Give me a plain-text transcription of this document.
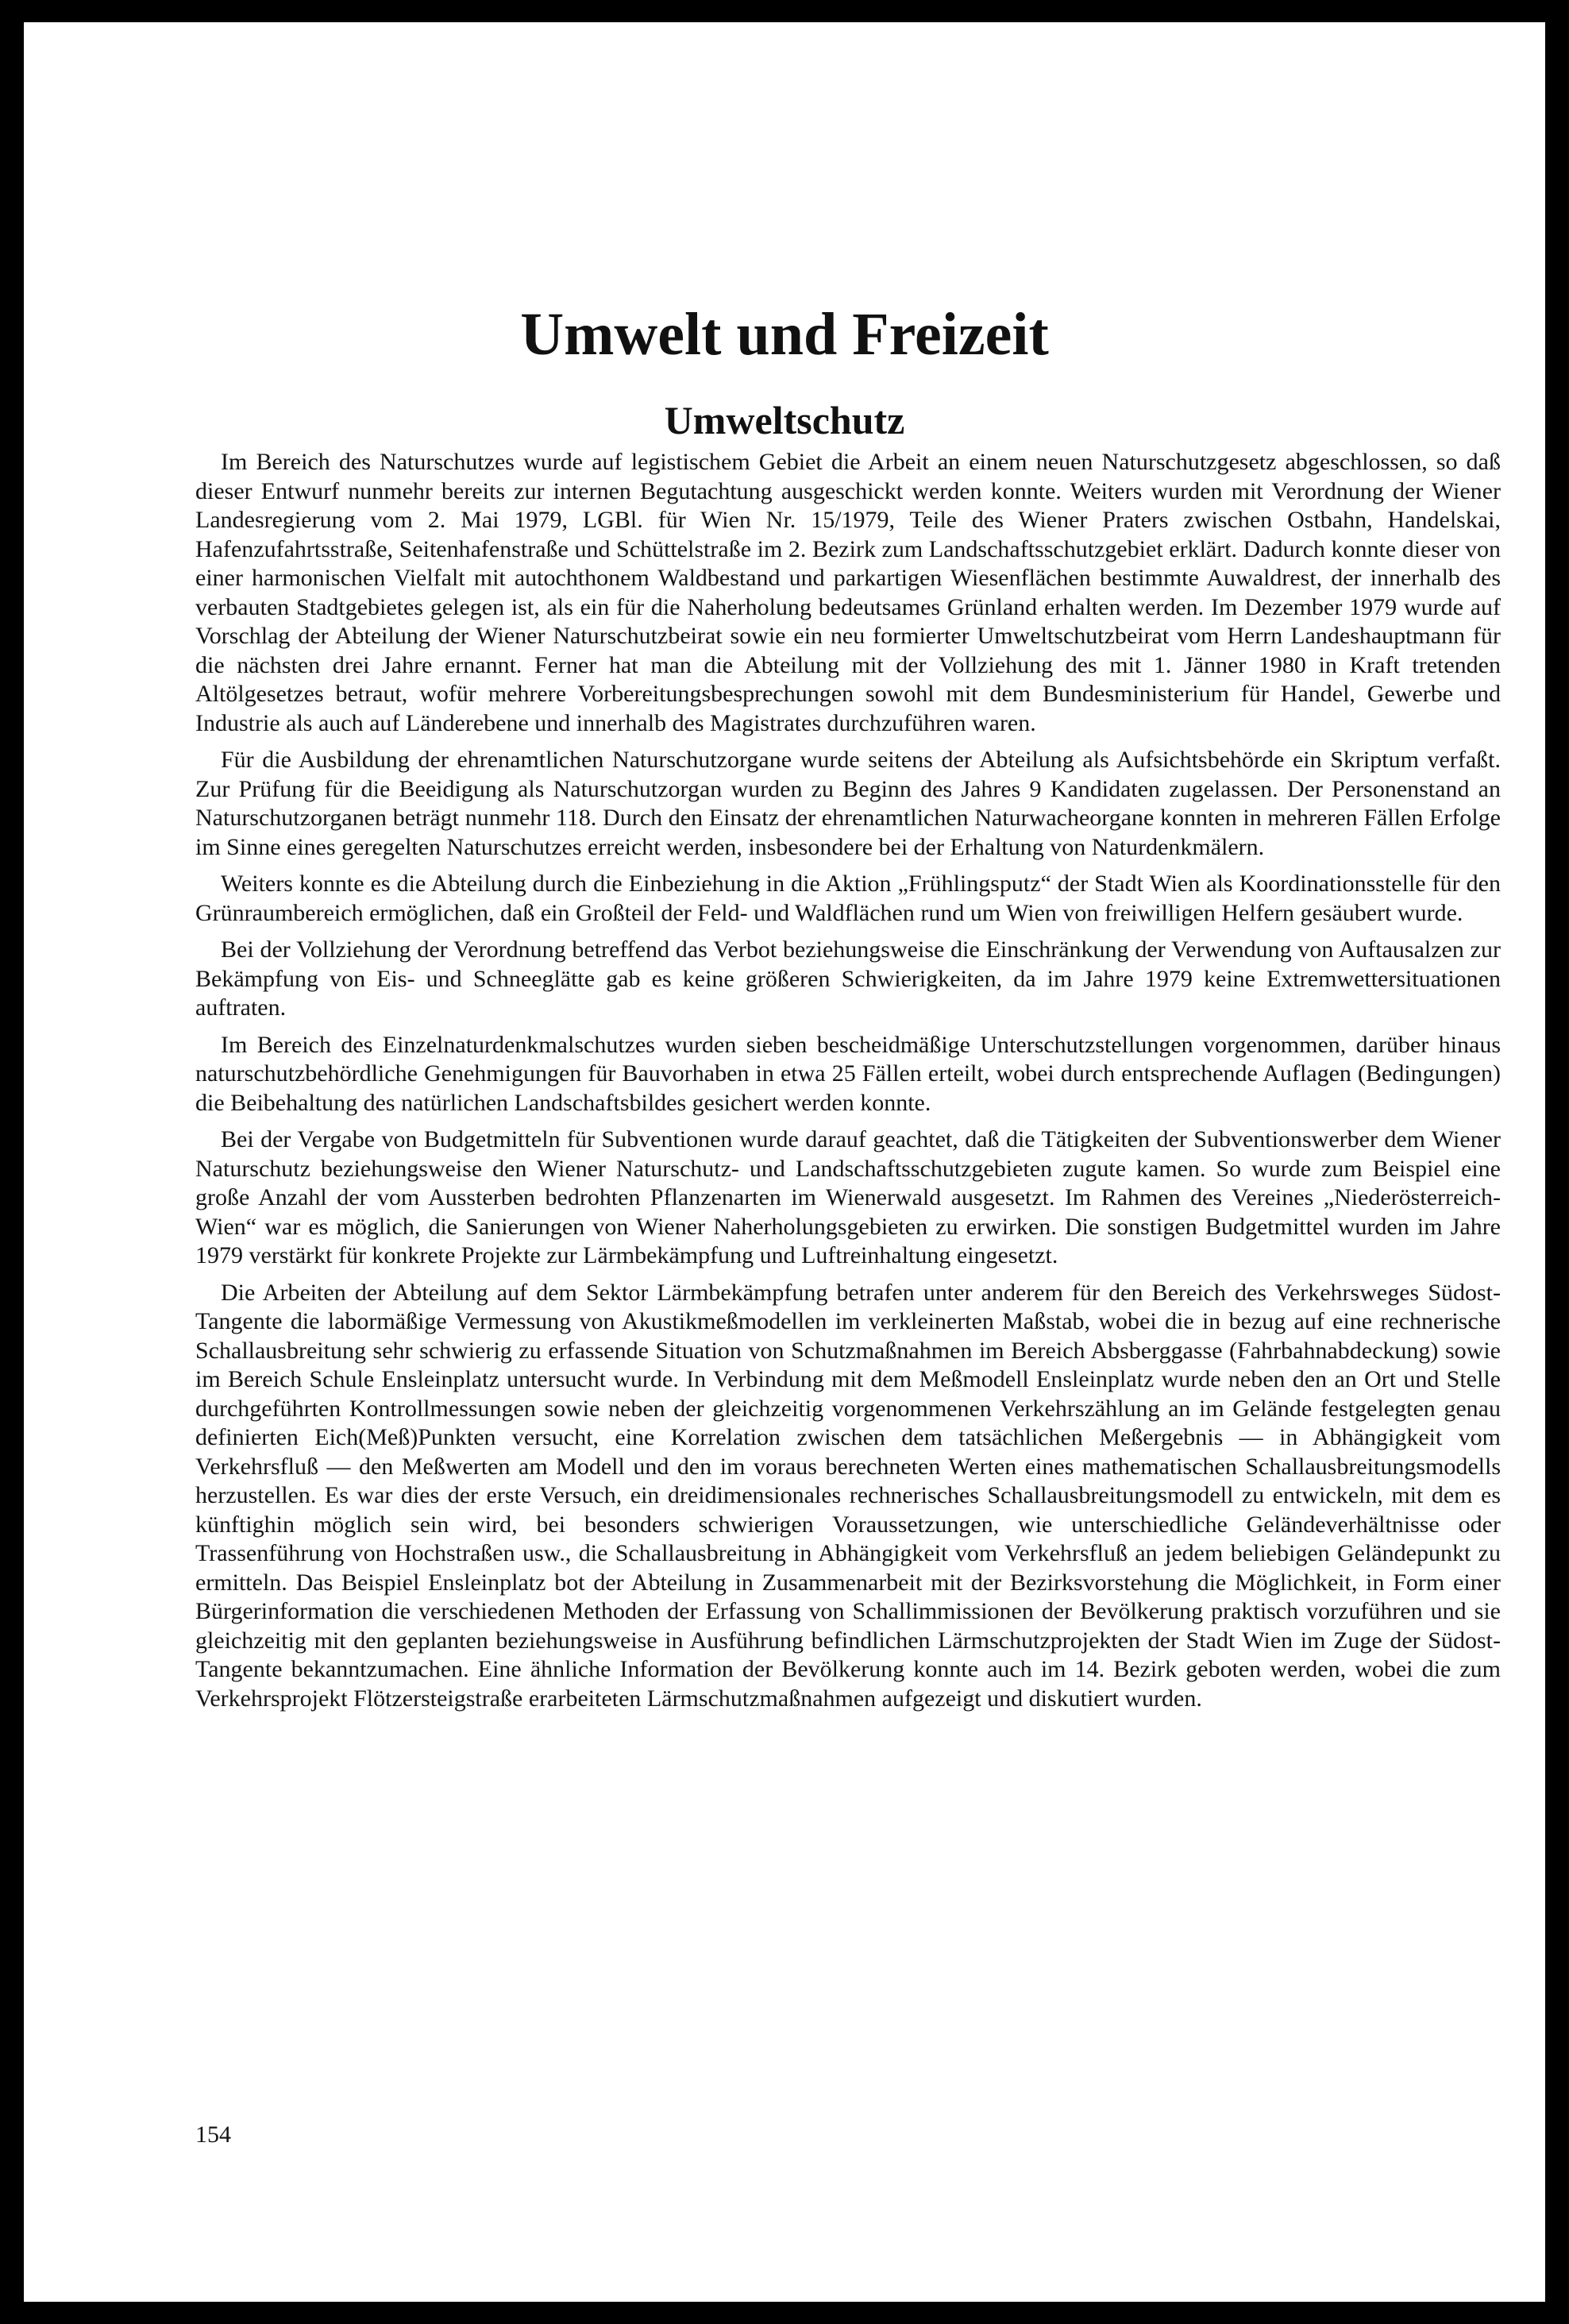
Umwelt und Freizeit
Umweltschutz

Im Bereich des Naturschutzes wurde auf legistischem Gebiet die Arbeit an einem neuen Naturschutzgesetz abgeschlossen, so daß dieser Entwurf nunmehr bereits zur internen Begutachtung ausgeschickt werden konnte. Weiters wurden mit Verordnung der Wiener Landesregierung vom 2. Mai 1979, LGBl. für Wien Nr. 15/1979, Teile des Wiener Praters zwischen Ostbahn, Handelskai, Hafenzufahrtsstraße, Seitenhafenstraße und Schüttelstraße im 2. Bezirk zum Landschaftsschutzgebiet erklärt. Dadurch konnte dieser von einer harmonischen Vielfalt mit autochthonem Waldbestand und parkartigen Wiesenflächen bestimmte Auwaldrest, der innerhalb des verbauten Stadtgebietes gelegen ist, als ein für die Naherholung bedeutsames Grünland erhalten werden. Im Dezember 1979 wurde auf Vorschlag der Abteilung der Wiener Naturschutzbeirat sowie ein neu formierter Umweltschutzbeirat vom Herrn Landeshauptmann für die nächsten drei Jahre ernannt. Ferner hat man die Abteilung mit der Vollziehung des mit 1. Jänner 1980 in Kraft tretenden Altölgesetzes betraut, wofür mehrere Vorbereitungsbesprechungen sowohl mit dem Bundesministerium für Handel, Gewerbe und Industrie als auch auf Länderebene und innerhalb des Magistrates durchzuführen waren.

Für die Ausbildung der ehrenamtlichen Naturschutzorgane wurde seitens der Abteilung als Aufsichtsbehörde ein Skriptum verfaßt. Zur Prüfung für die Beeidigung als Naturschutzorgan wurden zu Beginn des Jahres 9 Kandidaten zugelassen. Der Personenstand an Naturschutzorganen beträgt nunmehr 118. Durch den Einsatz der ehrenamtlichen Naturwacheorgane konnten in mehreren Fällen Erfolge im Sinne eines geregelten Naturschutzes erreicht werden, insbesondere bei der Erhaltung von Naturdenkmälern.

Weiters konnte es die Abteilung durch die Einbeziehung in die Aktion „Frühlingsputz“ der Stadt Wien als Koordinationsstelle für den Grünraumbereich ermöglichen, daß ein Großteil der Feld- und Waldflächen rund um Wien von freiwilligen Helfern gesäubert wurde.

Bei der Vollziehung der Verordnung betreffend das Verbot beziehungsweise die Einschränkung der Verwendung von Auftausalzen zur Bekämpfung von Eis- und Schneeglätte gab es keine größeren Schwierigkeiten, da im Jahre 1979 keine Extremwettersituationen auftraten.

Im Bereich des Einzelnaturdenkmalschutzes wurden sieben bescheidmäßige Unterschutzstellungen vorgenommen, darüber hinaus naturschutzbehördliche Genehmigungen für Bauvorhaben in etwa 25 Fällen erteilt, wobei durch entsprechende Auflagen (Bedingungen) die Beibehaltung des natürlichen Landschaftsbildes gesichert werden konnte.

Bei der Vergabe von Budgetmitteln für Subventionen wurde darauf geachtet, daß die Tätigkeiten der Subventionswerber dem Wiener Naturschutz beziehungsweise den Wiener Naturschutz- und Landschaftsschutzgebieten zugute kamen. So wurde zum Beispiel eine große Anzahl der vom Aussterben bedrohten Pflanzenarten im Wienerwald ausgesetzt. Im Rahmen des Vereines „Niederösterreich-Wien“ war es möglich, die Sanierungen von Wiener Naherholungsgebieten zu erwirken. Die sonstigen Budgetmittel wurden im Jahre 1979 verstärkt für konkrete Projekte zur Lärmbekämpfung und Luftreinhaltung eingesetzt.

Die Arbeiten der Abteilung auf dem Sektor Lärmbekämpfung betrafen unter anderem für den Bereich des Verkehrsweges Südost-Tangente die labormäßige Vermessung von Akustikmeßmodellen im verkleinerten Maßstab, wobei die in bezug auf eine rechnerische Schallausbreitung sehr schwierig zu erfassende Situation von Schutzmaßnahmen im Bereich Absberggasse (Fahrbahnabdeckung) sowie im Bereich Schule Ensleinplatz untersucht wurde. In Verbindung mit dem Meßmodell Ensleinplatz wurde neben den an Ort und Stelle durchgeführten Kontrollmessungen sowie neben der gleichzeitig vorgenommenen Verkehrszählung an im Gelände festgelegten genau definierten Eich(Meß)Punkten versucht, eine Korrelation zwischen dem tatsächlichen Meßergebnis — in Abhängigkeit vom Verkehrsfluß — den Meßwerten am Modell und den im voraus berechneten Werten eines mathematischen Schallausbreitungsmodells herzustellen. Es war dies der erste Versuch, ein dreidimensionales rechnerisches Schallausbreitungsmodell zu entwickeln, mit dem es künftighin möglich sein wird, bei besonders schwierigen Voraussetzungen, wie unterschiedliche Geländeverhältnisse oder Trassenführung von Hochstraßen usw., die Schallausbreitung in Abhängigkeit vom Verkehrsfluß an jedem beliebigen Geländepunkt zu ermitteln. Das Beispiel Ensleinplatz bot der Abteilung in Zusammenarbeit mit der Bezirksvorstehung die Möglichkeit, in Form einer Bürgerinformation die verschiedenen Methoden der Erfassung von Schallimmissionen der Bevölkerung praktisch vorzuführen und sie gleichzeitig mit den geplanten beziehungsweise in Ausführung befindlichen Lärmschutzprojekten der Stadt Wien im Zuge der Südost-Tangente bekanntzumachen. Eine ähnliche Information der Bevölkerung konnte auch im 14. Bezirk geboten werden, wobei die zum Verkehrsprojekt Flötzersteigstraße erarbeiteten Lärmschutzmaßnahmen aufgezeigt und diskutiert wurden.

154
